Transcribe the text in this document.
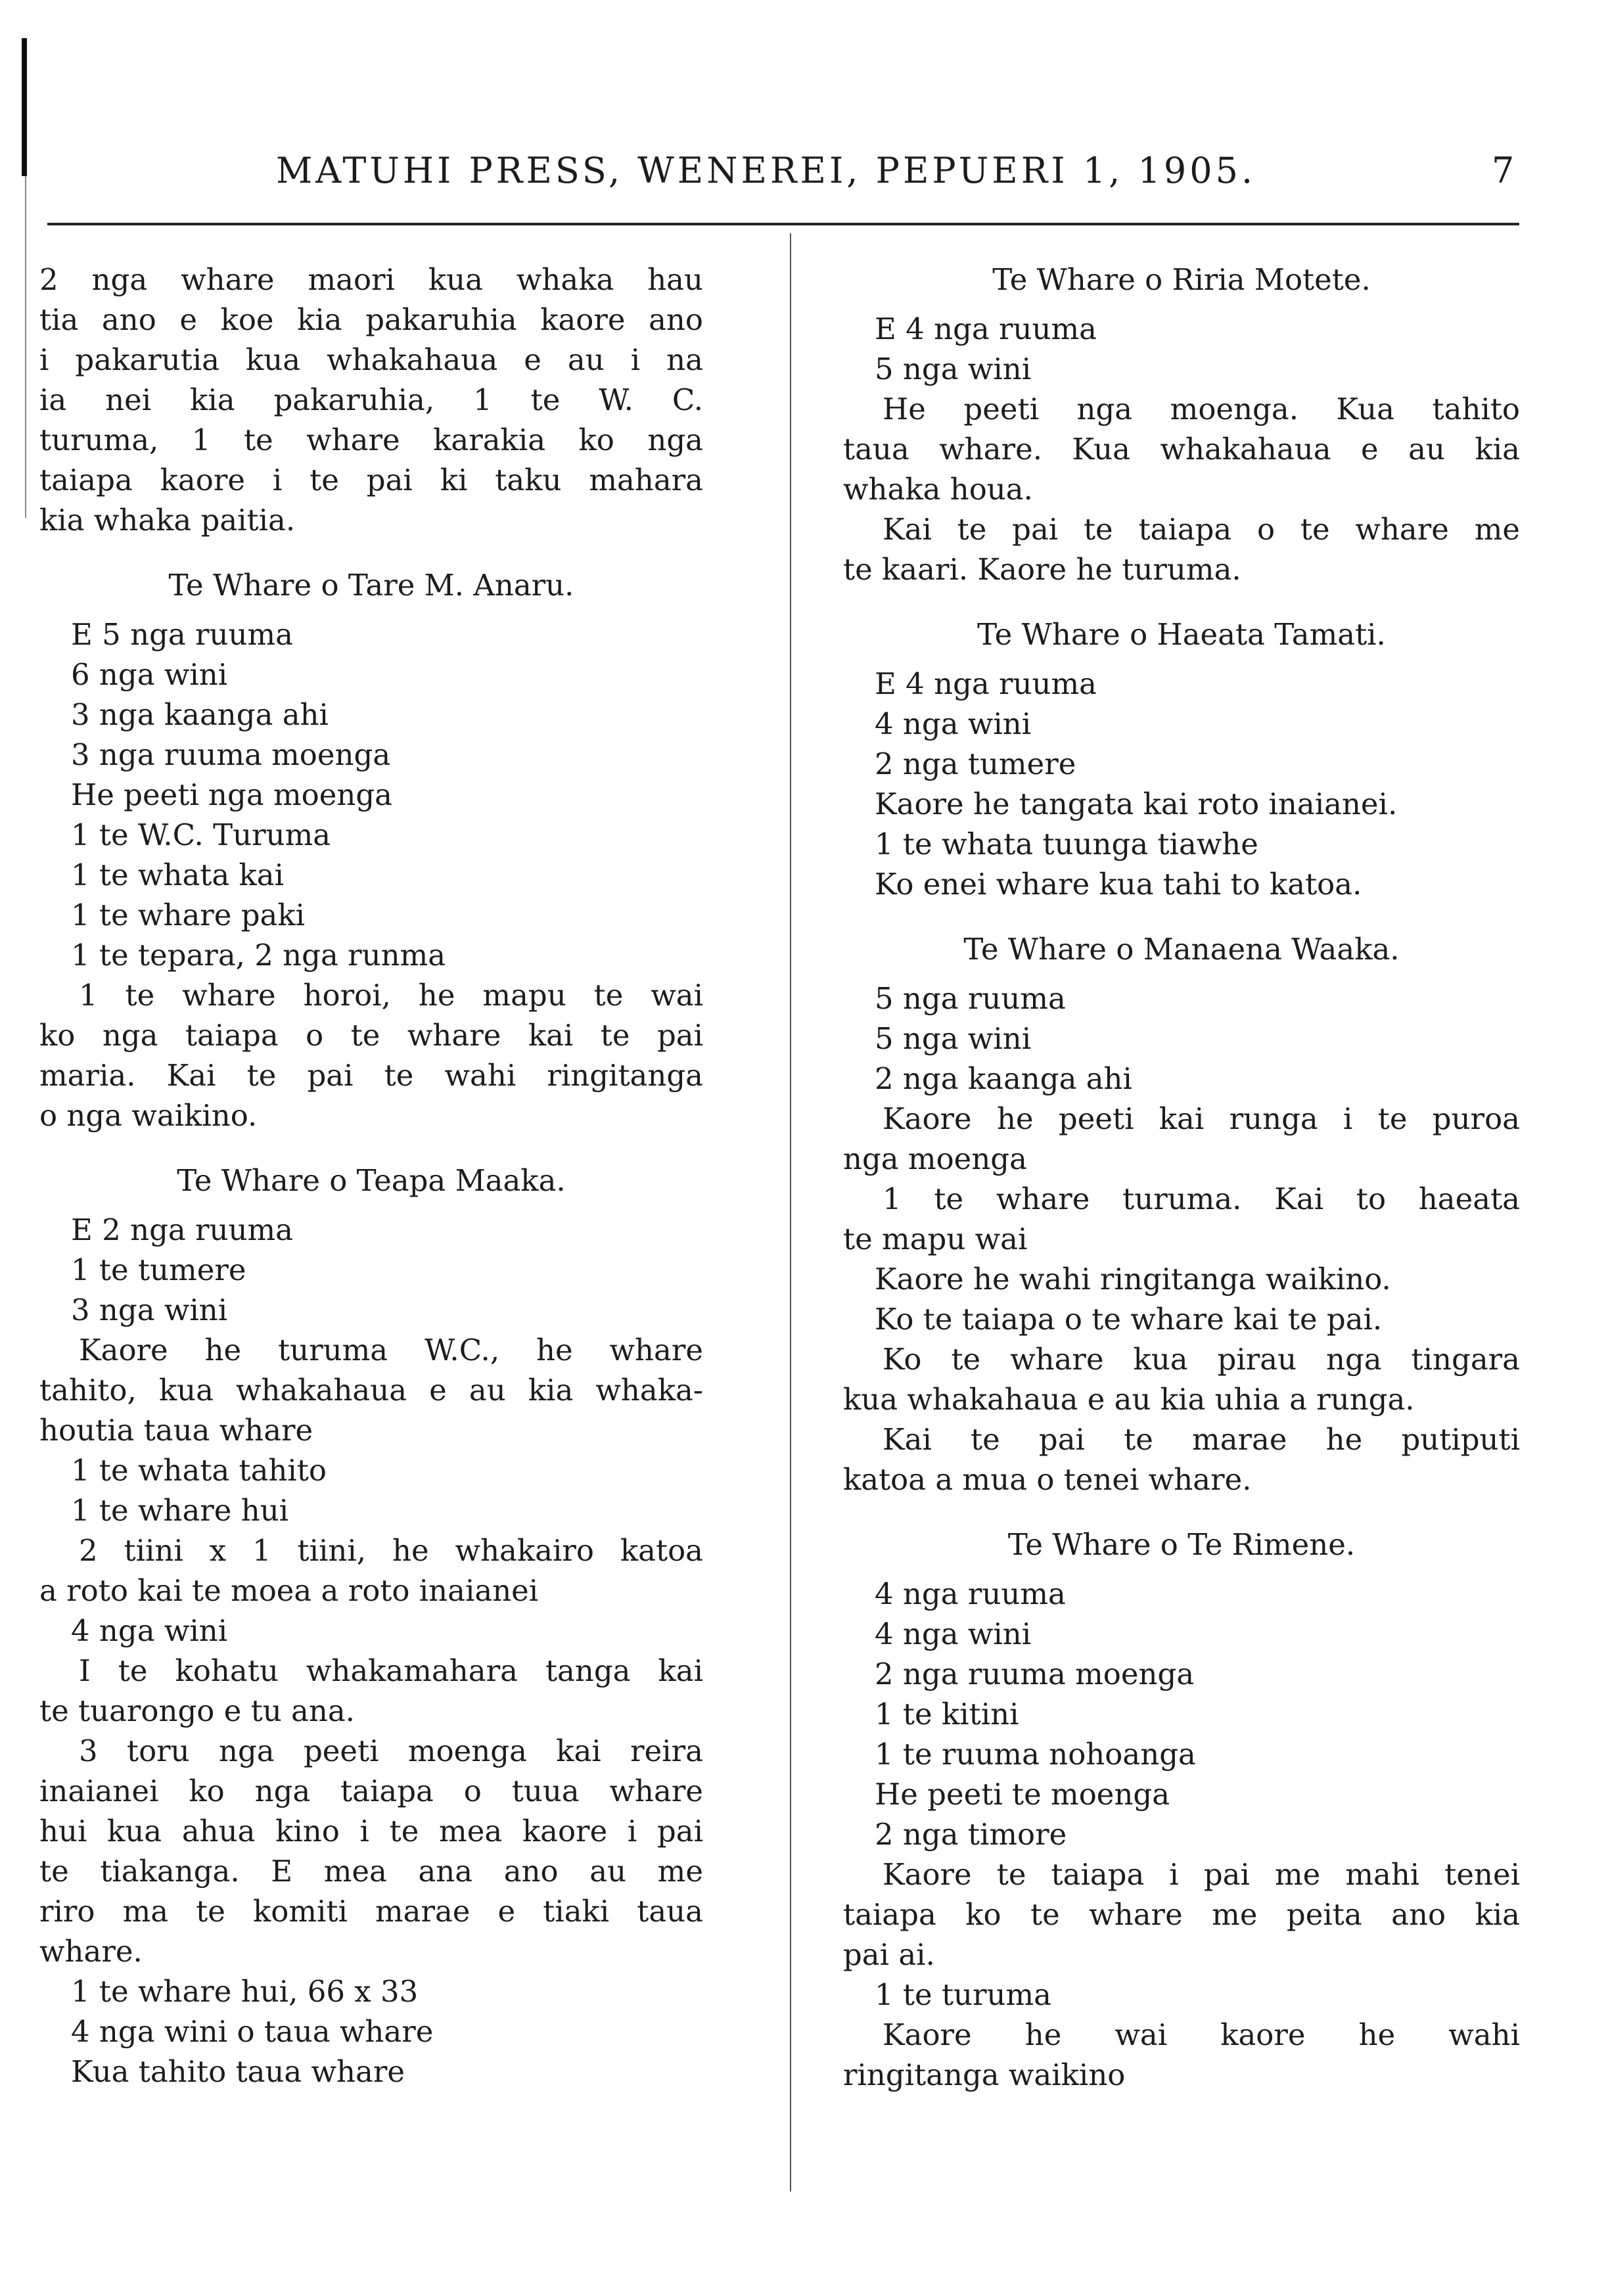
MATUHI PRESS, WENEREI, PEPUERI 1, 1905.	7
2 nga whare maori kua whaka hau
tia ano e koe kia pakaruhia kaore ano
i pakarutia kua whakahaua e au i na
ia nei kia pakaruhia, 1 te W. C.
turuma, 1 te whare karakia ko nga
taiapa kaore i te pai ki taku mahara
kia whaka paitia.
Te Whare o Tare M. Anaru.
E 5 nga ruuma
6 nga wini
3 nga kaanga ahi
3 nga ruuma moenga
He peeti nga moenga
1 te W.C. Turuma
1 te whata kai
1 te whare paki
1 te tepara, 2 nga runma
1 te whare horoi, he mapu te wai
ko nga taiapa o te whare kai te pai
maria. Kai te pai te wahi ringitanga
o nga waikino.
Te Whare o Teapa Maaka.
E 2 nga ruuma
1 te tumere
3 nga wini
Kaore he turuma W.C., he whare
tahito, kua whakahaua e au kia whaka-
houtia taua whare
1 te whata tahito
1 te whare hui
2 tiini x 1 tiini, he whakairo katoa
a roto kai te moea a roto inaianei
4 nga wini
I te kohatu whakamahara tanga kai
te tuarongo e tu ana.
3 toru nga peeti moenga kai reira
inaianei ko nga taiapa o tuua whare
hui kua ahua kino i te mea kaore i pai
te tiakanga. E mea ana ano au me
riro ma te komiti marae e tiaki taua
whare.
1 te whare hui, 66 x 33
4 nga wini o taua whare
Kua tahito taua whare
Te Whare o Riria Motete.
E 4 nga ruuma
5 nga wini
He peeti nga moenga. Kua tahito
taua whare. Kua whakahaua e au kia
whaka houa.
Kai te pai te taiapa o te whare me
te kaari. Kaore he turuma.
Te Whare o Haeata Tamati.
E 4 nga ruuma
4 nga wini
2 nga tumere
Kaore he tangata kai roto inaianei.
1 te whata tuunga tiawhe
Ko enei whare kua tahi to katoa.
Te Whare o Manaena Waaka.
5 nga ruuma
5 nga wini
2 nga kaanga ahi
Kaore he peeti kai runga i te puroa
nga moenga
1 te whare turuma. Kai to haeata
te mapu wai
Kaore he wahi ringitanga waikino.
Ko te taiapa o te whare kai te pai.
Ko te whare kua pirau nga tingara
kua whakahaua e au kia uhia a runga.
Kai te pai te marae he putiputi
katoa a mua o tenei whare.
Te Whare o Te Rimene.
4 nga ruuma
4 nga wini
2 nga ruuma moenga
1 te kitini
1 te ruuma nohoanga
He peeti te moenga
2 nga timore
Kaore te taiapa i pai me mahi tenei
taiapa ko te whare me peita ano kia
pai ai.
1 te turuma
Kaore he wai kaore he wahi
ringitanga waikino
